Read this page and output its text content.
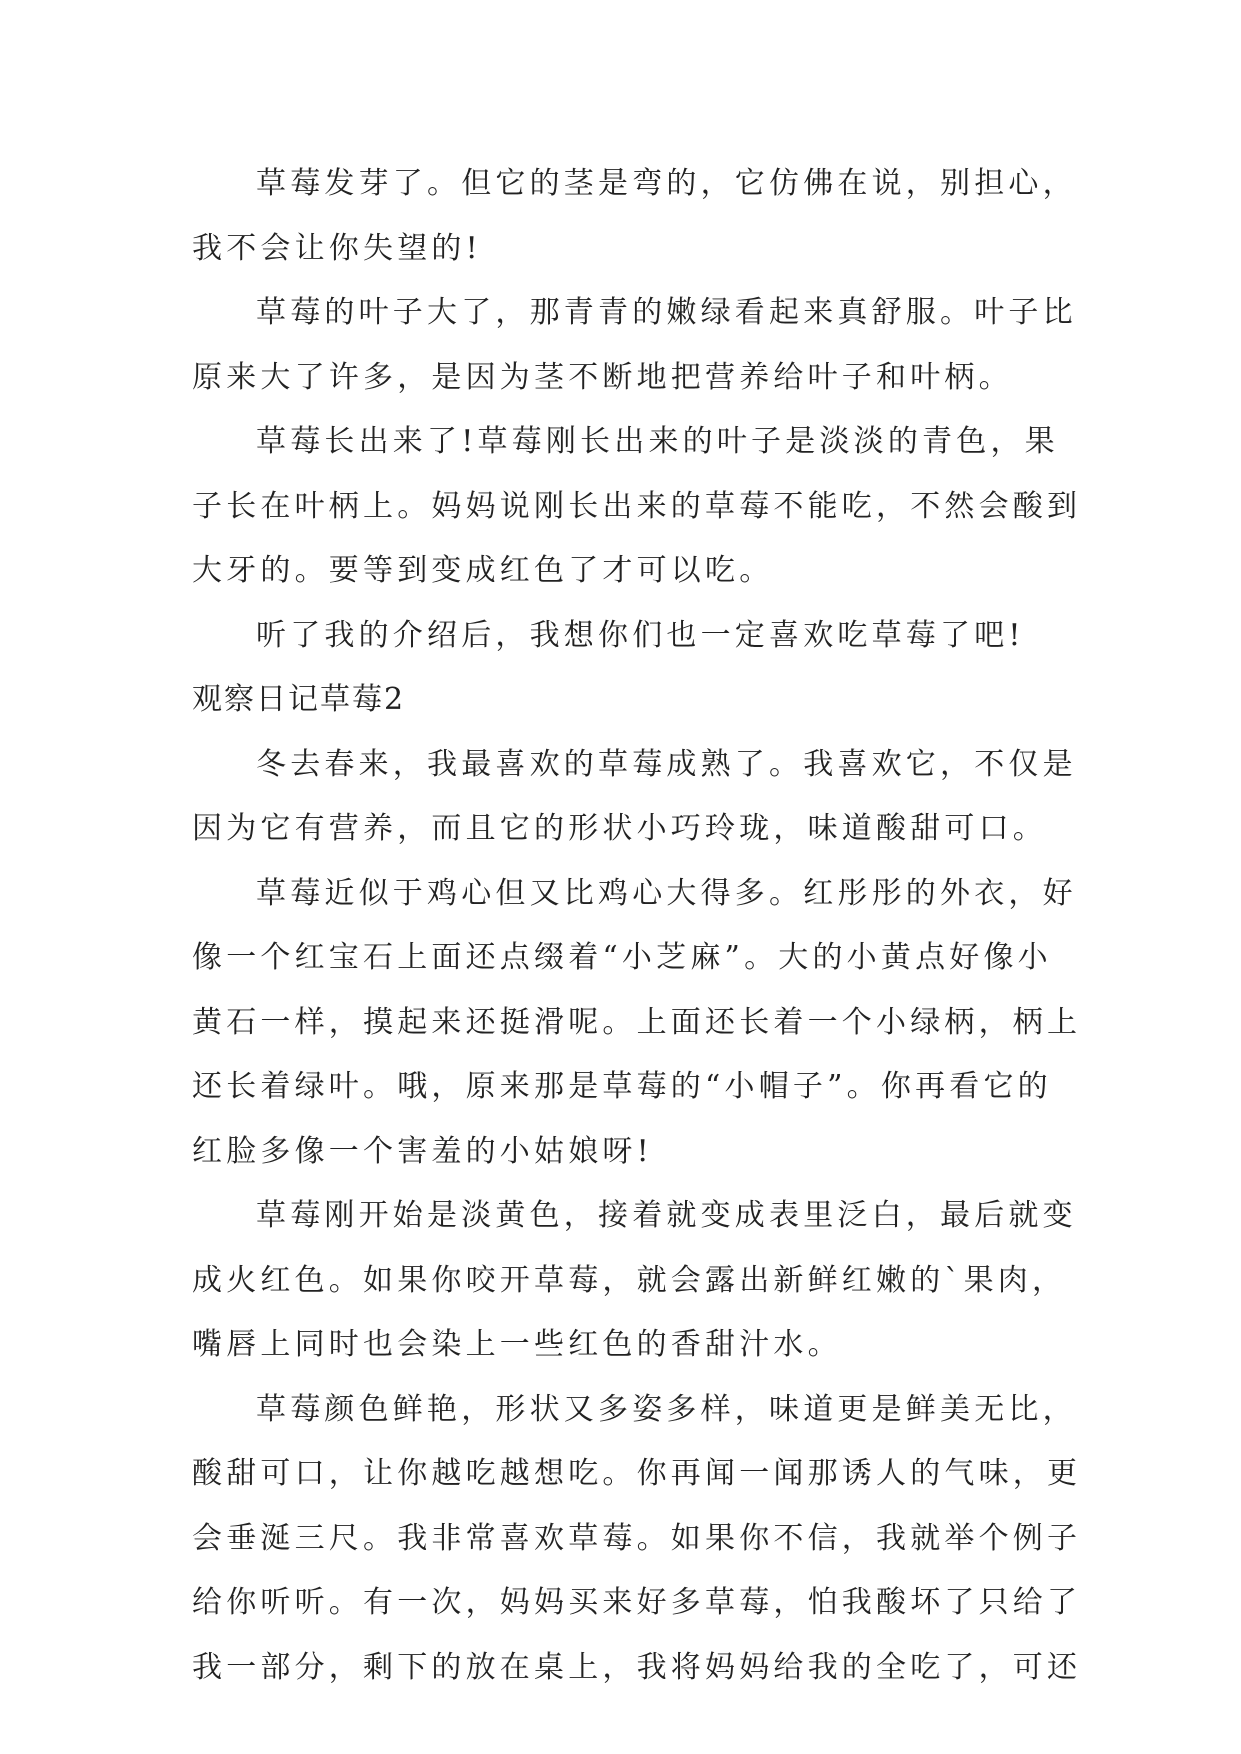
草莓发芽了。但它的茎是弯的，它仿佛在说，别担心，
我不会让你失望的!
草莓的叶子大了，那青青的嫩绿看起来真舒服。叶子比
原来大了许多，是因为茎不断地把营养给叶子和叶柄。
草莓长出来了!草莓刚长出来的叶子是淡淡的青色，果
子长在叶柄上。妈妈说刚长出来的草莓不能吃，不然会酸到
大牙的。要等到变成红色了才可以吃。
听了我的介绍后，我想你们也一定喜欢吃草莓了吧!
观察日记草莓2
冬去春来，我最喜欢的草莓成熟了。我喜欢它，不仅是
因为它有营养，而且它的形状小巧玲珑，味道酸甜可口。
草莓近似于鸡心但又比鸡心大得多。红彤彤的外衣，好
像一个红宝石上面还点缀着“小芝麻”。大的小黄点好像小
黄石一样，摸起来还挺滑呢。上面还长着一个小绿柄，柄上
还长着绿叶。哦，原来那是草莓的“小帽子”。你再看它的
红脸多像一个害羞的小姑娘呀!
草莓刚开始是淡黄色，接着就变成表里泛白，最后就变
成火红色。如果你咬开草莓，就会露出新鲜红嫩的`果肉，
嘴唇上同时也会染上一些红色的香甜汁水。
草莓颜色鲜艳，形状又多姿多样，味道更是鲜美无比，
酸甜可口，让你越吃越想吃。你再闻一闻那诱人的气味，更
会垂涎三尺。我非常喜欢草莓。如果你不信，我就举个例子
给你听听。有一次，妈妈买来好多草莓，怕我酸坏了只给了
我一部分，剩下的放在桌上，我将妈妈给我的全吃了，可还
